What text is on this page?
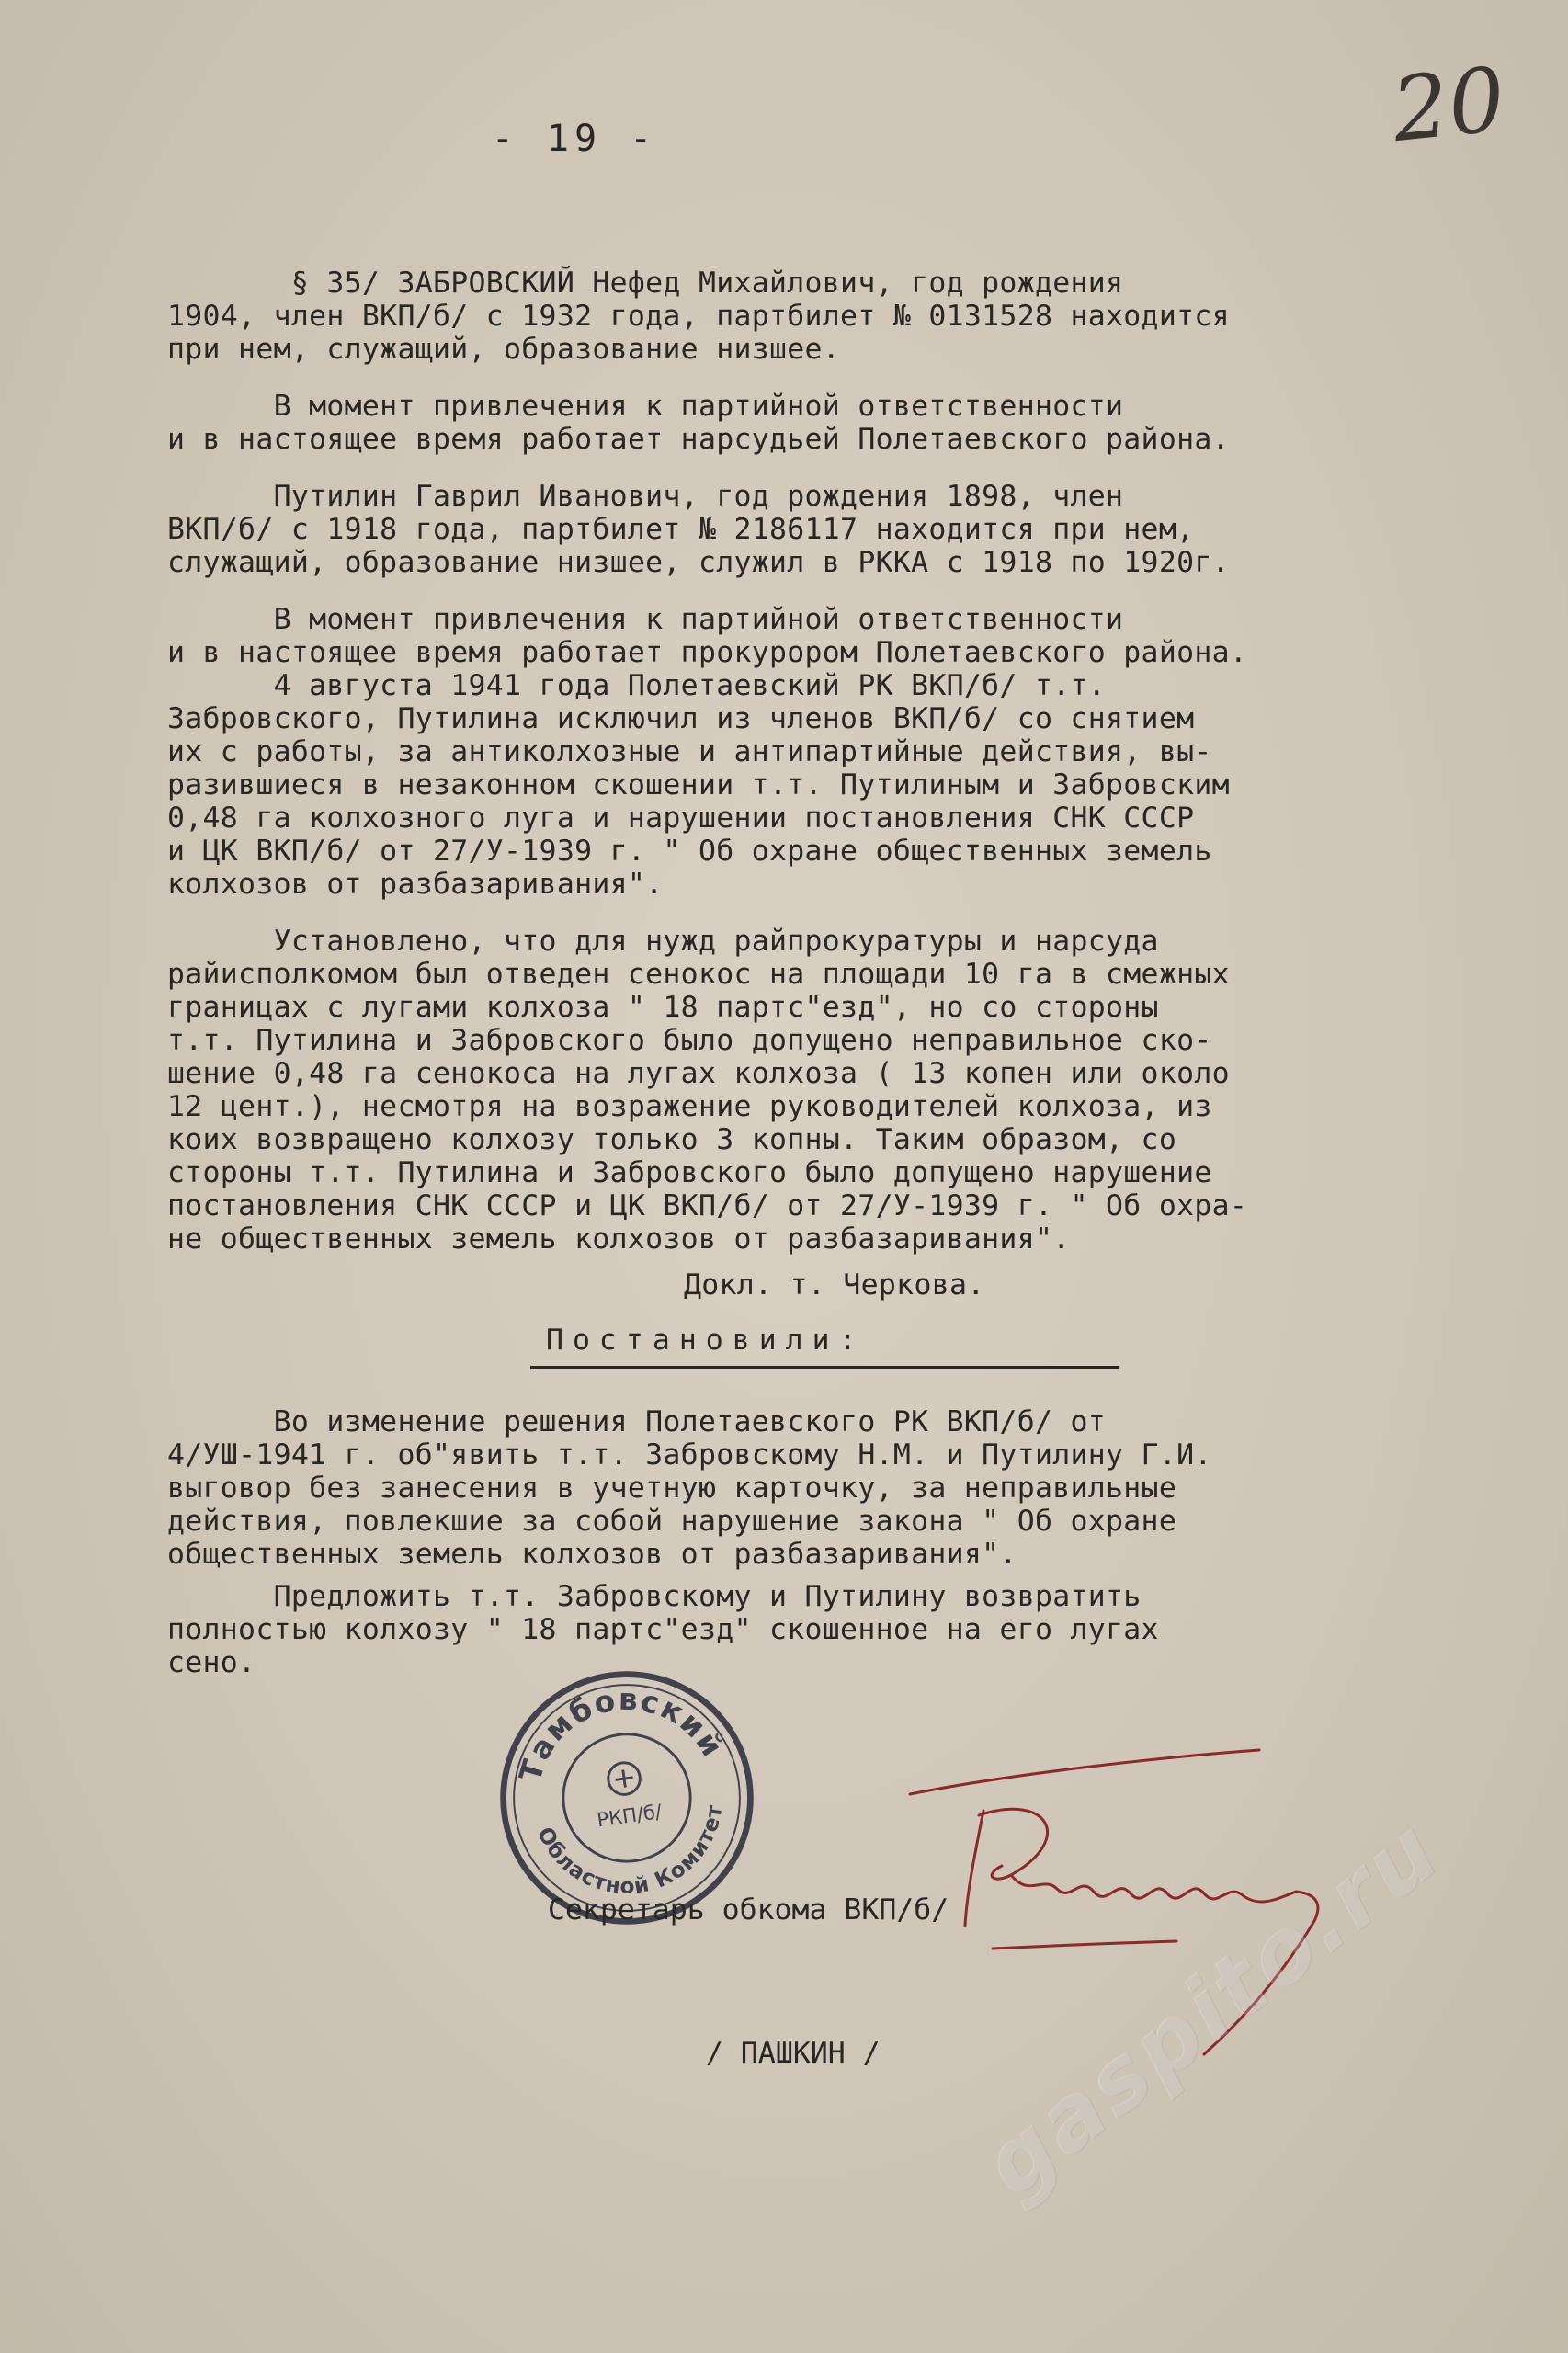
- 19 -	20
§ 35/ ЗАБРОВСКИЙ Нефед Михайлович, год рождения
1904, член ВКП/б/ с 1932 года, партбилет № 0131528 находится
при нем, служащий, образование низшее.
В момент привлечения к партийной ответственности
и в настоящее время работает нарсудьей Полетаевского района.
Путилин Гаврил Иванович, год рождения 1898, член
ВКП/б/ с 1918 года, партбилет № 2186117 находится при нем,
служащий, образование низшее, служил в РККА с 1918 по 1920г.
В момент привлечения к партийной ответственности
и в настоящее время работает прокурором Полетаевского района.
4 августа 1941 года Полетаевский РК ВКП/б/ т.т.
Забровского, Путилина исключил из членов ВКП/б/ со снятием
их с работы, за антиколхозные и антипартийные действия, вы-
разившиеся в незаконном скошении т.т. Путилиным и Забровским
0,48 га колхозного луга и нарушении постановления СНК СССР
и ЦК ВКП/б/ от 27/У-1939 г. " Об охране общественных земель
колхозов от разбазаривания".
Установлено, что для нужд райпрокуратуры и нарсуда
райисполкомом был отведен сенокос на площади 10 га в смежных
границах с лугами колхоза " 18 партс"езд", но со стороны
т.т. Путилина и Забровского было допущено неправильное ско-
шение 0,48 га сенокоса на лугах колхоза ( 13 копен или около
12 цент.), несмотря на возражение руководителей колхоза, из
коих возвращено колхозу только 3 копны. Таким образом, со
стороны т.т. Путилина и Забровского было допущено нарушение
постановления СНК СССР и ЦК ВКП/б/ от 27/У-1939 г. " Об охра-
не общественных земель колхозов от разбазаривания".
Докл. т. Черкова.
Постановили:
Во изменение решения Полетаевского РК ВКП/б/ от
4/УШ-1941 г. об"явить т.т. Забровскому Н.М. и Путилину Г.И.
выговор без занесения в учетную карточку, за неправильные
действия, повлекшие за собой нарушение закона " Об охране
общественных земель колхозов от разбазаривания".
Предложить т.т. Забровскому и Путилину возвратить
полностью колхозу " 18 партс"езд" скошенное на его лугах
сено.
Тамбовский
Областной Комитет
РКП/б/

Секретарь обкома ВКП/б/

/ ПАШКИН /

gaspito.ru
